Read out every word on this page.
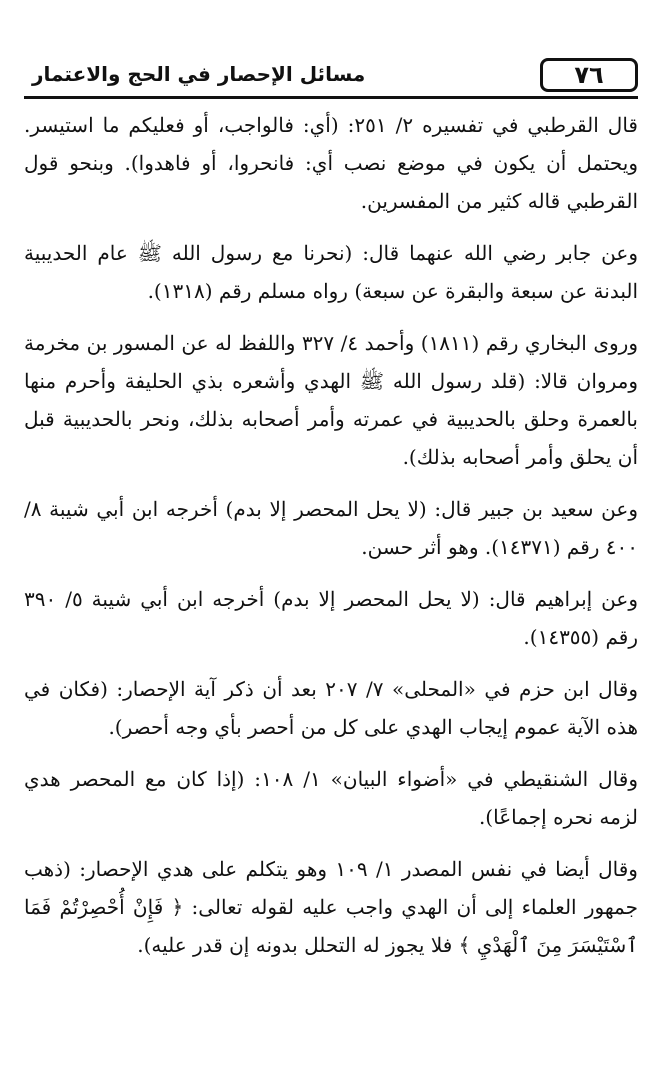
٧٦
مسائل الإحصار في الحج والاعتمار

قال القرطبي في تفسيره ٢/ ٢٥١: (أي: فالواجب، أو فعليكم ما استيسر. ويحتمل أن يكون في موضع نصب أي: فانحروا، أو فاهدوا). وبنحو قول القرطبي قاله كثير من المفسرين.

وعن جابر رضي الله عنهما قال: (نحرنا مع رسول الله ﷺ عام الحديبية البدنة عن سبعة والبقرة عن سبعة) رواه مسلم رقم (١٣١٨).

وروى البخاري رقم (١٨١١) وأحمد ٤/ ٣٢٧ واللفظ له عن المسور بن مخرمة ومروان قالا: (قلد رسول الله ﷺ الهدي وأشعره بذي الحليفة وأحرم منها بالعمرة وحلق بالحديبية في عمرته وأمر أصحابه بذلك، ونحر بالحديبية قبل أن يحلق وأمر أصحابه بذلك).

وعن سعيد بن جبير قال: (لا يحل المحصر إلا بدم) أخرجه ابن أبي شيبة ٨/ ٤٠٠ رقم (١٤٣٧١). وهو أثر حسن.

وعن إبراهيم قال: (لا يحل المحصر إلا بدم) أخرجه ابن أبي شيبة ٥/ ٣٩٠ رقم (١٤٣٥٥).

وقال ابن حزم في «المحلى» ٧/ ٢٠٧ بعد أن ذكر آية الإحصار: (فكان في هذه الآية عموم إيجاب الهدي على كل من أحصر بأي وجه أحصر).

وقال الشنقيطي في «أضواء البيان» ١/ ١٠٨: (إذا كان مع المحصر هدي لزمه نحره إجماعًا).

وقال أيضا في نفس المصدر ١/ ١٠٩ وهو يتكلم على هدي الإحصار: (ذهب جمهور العلماء إلى أن الهدي واجب عليه لقوله تعالى: ﴿ فَإِنْ أُحْصِرْتُمْ فَمَا ٱسْتَيْسَرَ مِنَ ٱلْهَدْيِ ﴾ فلا يجوز له التحلل بدونه إن قدر عليه).
